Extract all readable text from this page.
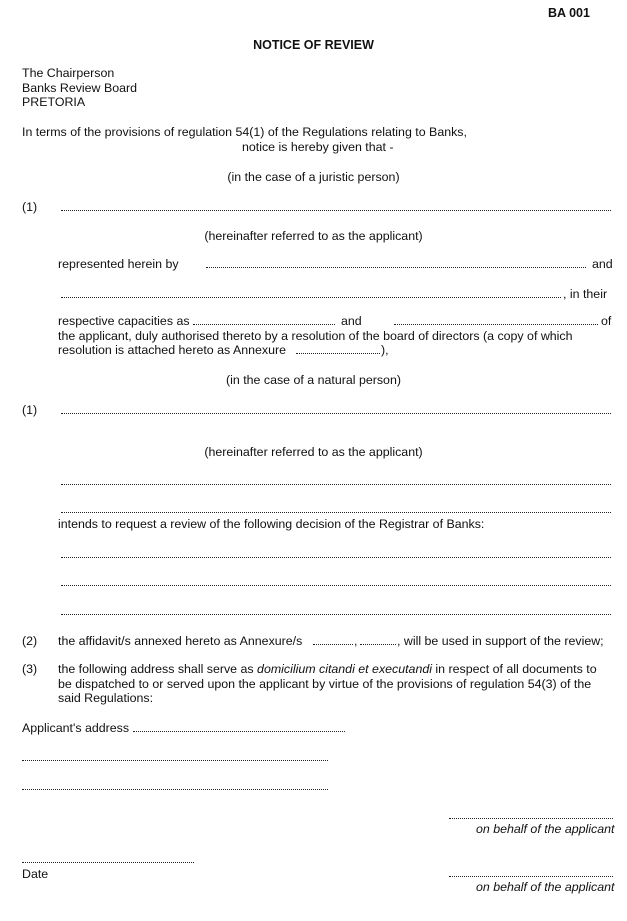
BA 001
NOTICE OF REVIEW
The Chairperson
Banks Review Board
PRETORIA
In terms of the provisions of regulation 54(1) of the Regulations relating to Banks,
notice is hereby given that -
(in the case of a juristic person)
(1)
(hereinafter referred to as the applicant)
represented herein by	and
, in their
respective capacities as	and	of
the applicant, duly authorised thereto by a resolution of the board of directors (a copy of which
resolution is attached hereto as Annexure	),
(in the case of a natural person)
(1)
(hereinafter referred to as the applicant)
intends to request a review of the following decision of the Registrar of Banks:
(2) the affidavit/s annexed hereto as Annexure/s	,	, will be used in support of the review;
(3) the following address shall serve as domicilium citandi et executandi in respect of all documents to
be dispatched to or served upon the applicant by virtue of the provisions of regulation 54(3) of the
said Regulations:
Applicant's address
on behalf of the applicant
Date
on behalf of the applicant
